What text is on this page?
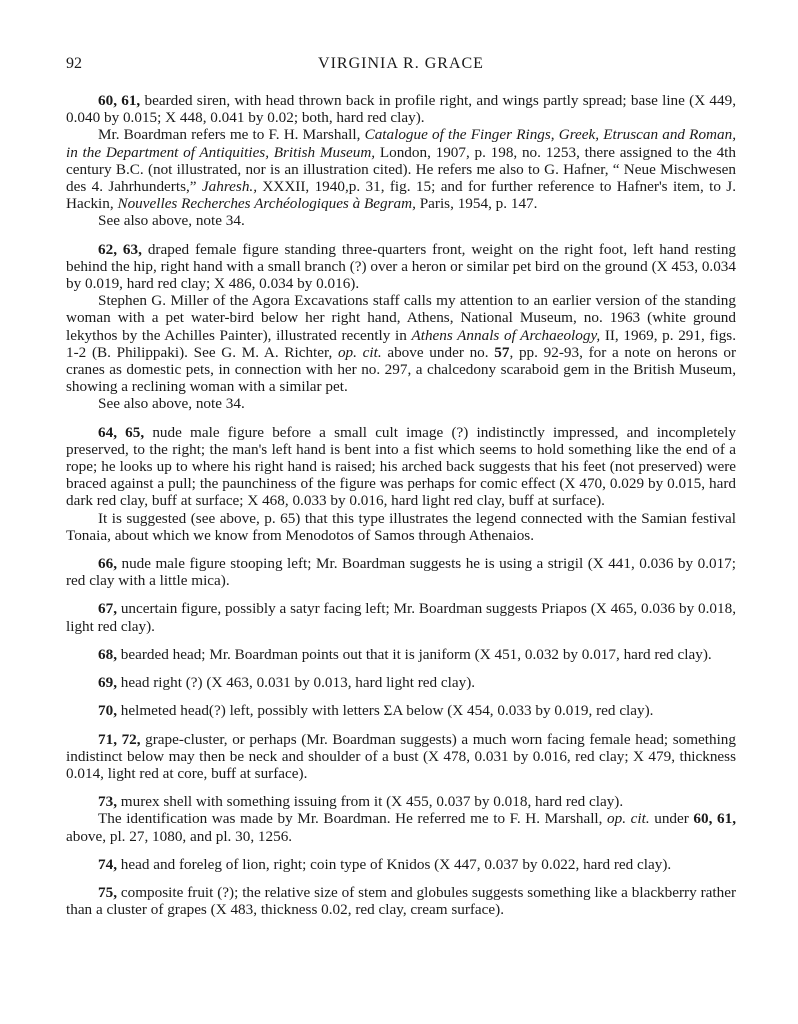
92	VIRGINIA R. GRACE

60, 61, bearded siren, with head thrown back in profile right, and wings partly spread; base line (X 449, 0.040 by 0.015; X 448, 0.041 by 0.02; both, hard red clay).

Mr. Boardman refers me to F. H. Marshall, Catalogue of the Finger Rings, Greek, Etruscan and Roman, in the Department of Antiquities, British Museum, London, 1907, p. 198, no. 1253, there assigned to the 4th century B.C. (not illustrated, nor is an illustration cited). He refers me also to G. Hafner, “ Neue Mischwesen des 4. Jahrhunderts,” Jahresh., XXXII, 1940,p. 31, fig. 15; and for further reference to Hafner's item, to J. Hackin, Nouvelles Recherches Archéologiques à Begram, Paris, 1954, p. 147.

See also above, note 34.

62, 63, draped female figure standing three-quarters front, weight on the right foot, left hand resting behind the hip, right hand with a small branch (?) over a heron or similar pet bird on the ground (X 453, 0.034 by 0.019, hard red clay; X 486, 0.034 by 0.016).

Stephen G. Miller of the Agora Excavations staff calls my attention to an earlier version of the standing woman with a pet water-bird below her right hand, Athens, National Museum, no. 1963 (white ground lekythos by the Achilles Painter), illustrated recently in Athens Annals of Archaeology, II, 1969, p. 291, figs. 1-2 (B. Philippaki). See G. M. A. Richter, op. cit. above under no. 57, pp. 92-93, for a note on herons or cranes as domestic pets, in connection with her no. 297, a chalcedony scaraboid gem in the British Museum, showing a reclining woman with a similar pet.

See also above, note 34.

64, 65, nude male figure before a small cult image (?) indistinctly impressed, and incompletely preserved, to the right; the man's left hand is bent into a fist which seems to hold something like the end of a rope; he looks up to where his right hand is raised; his arched back suggests that his feet (not preserved) were braced against a pull; the paunchiness of the figure was perhaps for comic effect (X 470, 0.029 by 0.015, hard dark red clay, buff at surface; X 468, 0.033 by 0.016, hard light red clay, buff at surface).

It is suggested (see above, p. 65) that this type illustrates the legend connected with the Samian festival Tonaia, about which we know from Menodotos of Samos through Athenaios.

66, nude male figure stooping left; Mr. Boardman suggests he is using a strigil (X 441, 0.036 by 0.017; red clay with a little mica).

67, uncertain figure, possibly a satyr facing left; Mr. Boardman suggests Priapos (X 465, 0.036 by 0.018, light red clay).

68, bearded head; Mr. Boardman points out that it is janiform (X 451, 0.032 by 0.017, hard red clay).

69, head right (?) (X 463, 0.031 by 0.013, hard light red clay).

70, helmeted head(?) left, possibly with letters ΣΑ below (X 454, 0.033 by 0.019, red clay).

71, 72, grape-cluster, or perhaps (Mr. Boardman suggests) a much worn facing female head; something indistinct below may then be neck and shoulder of a bust (X 478, 0.031 by 0.016, red clay; X 479, thickness 0.014, light red at core, buff at surface).

73, murex shell with something issuing from it (X 455, 0.037 by 0.018, hard red clay).

The identification was made by Mr. Boardman. He referred me to F. H. Marshall, op. cit. under 60, 61, above, pl. 27, 1080, and pl. 30, 1256.

74, head and foreleg of lion, right; coin type of Knidos (X 447, 0.037 by 0.022, hard red clay).

75, composite fruit (?); the relative size of stem and globules suggests something like a blackberry rather than a cluster of grapes (X 483, thickness 0.02, red clay, cream surface).
